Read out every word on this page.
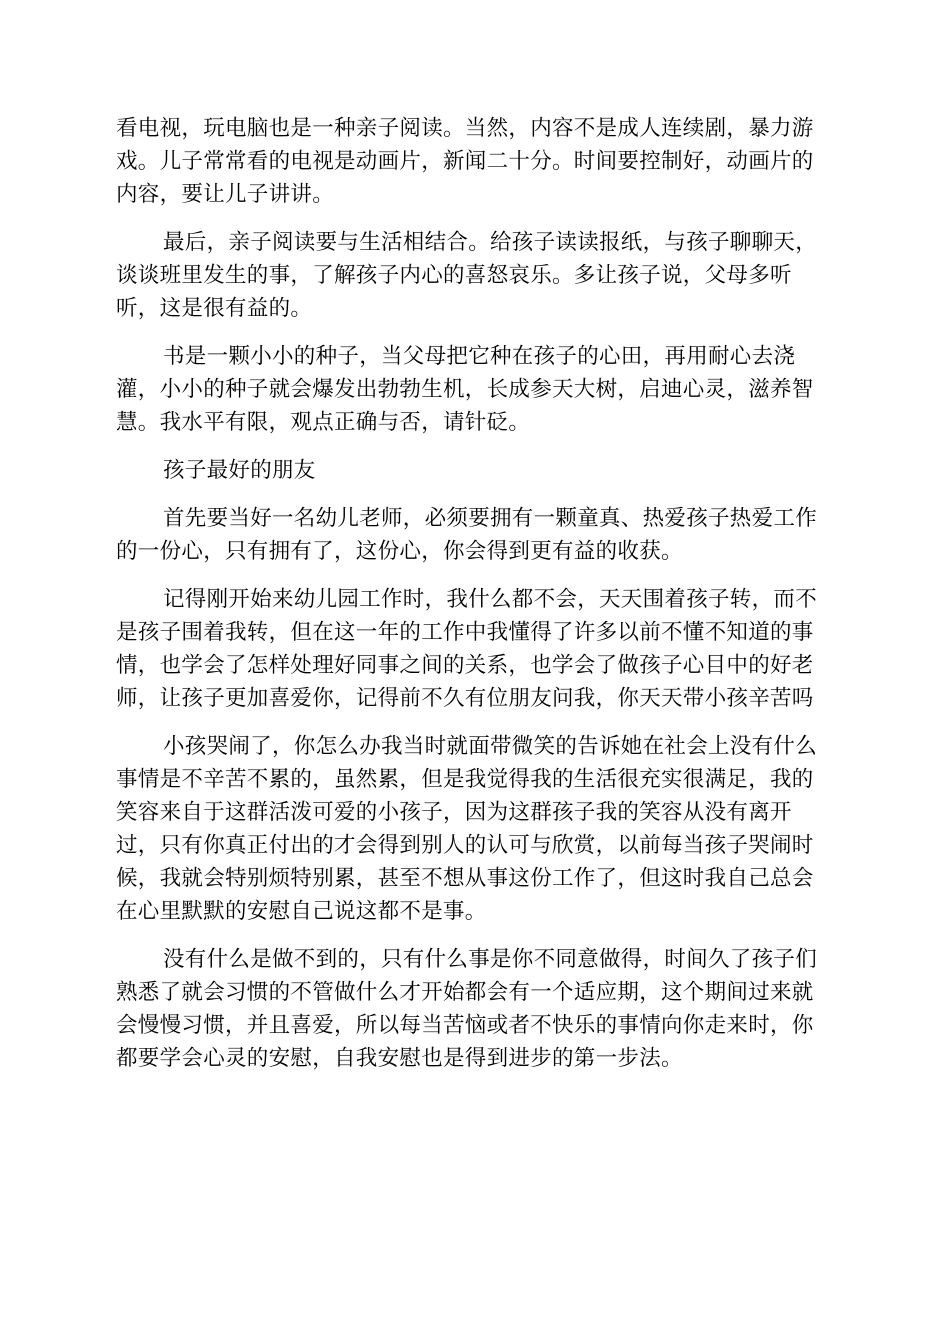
看电视，玩电脑也是一种亲子阅读。当然，内容不是成人连续剧，暴力游
戏。儿子常常看的电视是动画片，新闻二十分。时间要控制好，动画片的
内容，要让儿子讲讲。

最后，亲子阅读要与生活相结合。给孩子读读报纸，与孩子聊聊天，
谈谈班里发生的事，了解孩子内心的喜怒哀乐。多让孩子说，父母多听
听，这是很有益的。

书是一颗小小的种子，当父母把它种在孩子的心田，再用耐心去浇
灌，小小的种子就会爆发出勃勃生机，长成参天大树，启迪心灵，滋养智
慧。我水平有限，观点正确与否，请针砭。

孩子最好的朋友

首先要当好一名幼儿老师，必须要拥有一颗童真、热爱孩子热爱工作
的一份心，只有拥有了，这份心，你会得到更有益的收获。

记得刚开始来幼儿园工作时，我什么都不会，天天围着孩子转，而不
是孩子围着我转，但在这一年的工作中我懂得了许多以前不懂不知道的事
情，也学会了怎样处理好同事之间的关系，也学会了做孩子心目中的好老
师，让孩子更加喜爱你，记得前不久有位朋友问我，你天天带小孩辛苦吗

小孩哭闹了，你怎么办我当时就面带微笑的告诉她在社会上没有什么
事情是不辛苦不累的，虽然累，但是我觉得我的生活很充实很满足，我的
笑容来自于这群活泼可爱的小孩子，因为这群孩子我的笑容从没有离开
过，只有你真正付出的才会得到别人的认可与欣赏，以前每当孩子哭闹时
候，我就会特别烦特别累，甚至不想从事这份工作了，但这时我自己总会
在心里默默的安慰自己说这都不是事。

没有什么是做不到的，只有什么事是你不同意做得，时间久了孩子们
熟悉了就会习惯的不管做什么才开始都会有一个适应期，这个期间过来就
会慢慢习惯，并且喜爱，所以每当苦恼或者不快乐的事情向你走来时，你
都要学会心灵的安慰，自我安慰也是得到进步的第一步法。
